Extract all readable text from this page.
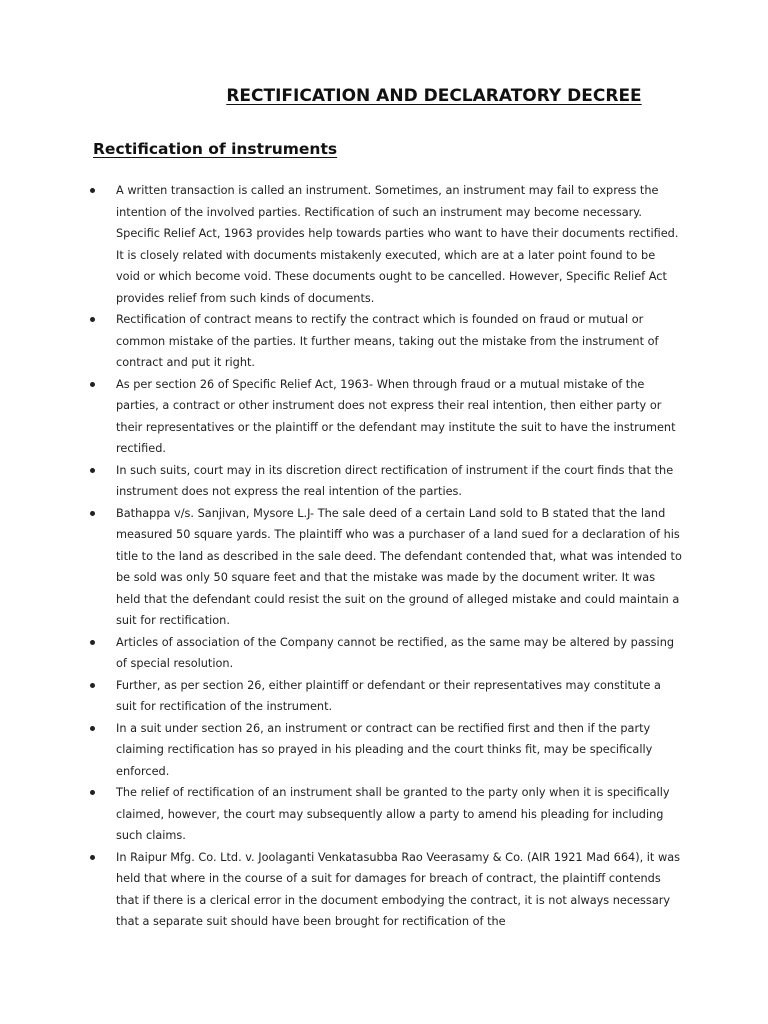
RECTIFICATION AND DECLARATORY DECREE
Rectification of instruments
A written transaction is called an instrument. Sometimes, an instrument may fail to express the intention of the involved parties. Rectification of such an instrument may become necessary. Specific Relief Act, 1963 provides help towards parties who want to have their documents rectified. It is closely related with documents mistakenly executed, which are at a later point found to be void or which become void. These documents ought to be cancelled. However, Specific Relief Act provides relief from such kinds of documents.
Rectification of contract means to rectify the contract which is founded on fraud or mutual or common mistake of the parties. It further means, taking out the mistake from the instrument of contract and put it right.
As per section 26 of Specific Relief Act, 1963- When through fraud or a mutual mistake of the parties, a contract or other instrument does not express their real intention, then either party or their representatives or the plaintiff or the defendant may institute the suit to have the instrument rectified.
In such suits, court may in its discretion direct rectification of instrument if the court finds that the instrument does not express the real intention of the parties.
Bathappa v/s. Sanjivan, Mysore L.J- The sale deed of a certain Land sold to B stated that the land measured 50 square yards. The plaintiff who was a purchaser of a land sued for a declaration of his title to the land as described in the sale deed. The defendant contended that, what was intended to be sold was only 50 square feet and that the mistake was made by the document writer. It was held that the defendant could resist the suit on the ground of alleged mistake and could maintain a suit for rectification.
Articles of association of the Company cannot be rectified, as the same may be altered by passing of special resolution.
Further, as per section 26, either plaintiff or defendant or their representatives may constitute a suit for rectification of the instrument.
In a suit under section 26, an instrument or contract can be rectified first and then if the party claiming rectification has so prayed in his pleading and the court thinks fit, may be specifically enforced.
The relief of rectification of an instrument shall be granted to the party only when it is specifically claimed, however, the court may subsequently allow a party to amend his pleading for including such claims.
In Raipur Mfg. Co. Ltd. v. Joolaganti Venkatasubba Rao Veerasamy & Co. (AIR 1921 Mad 664), it was held that where in the course of a suit for damages for breach of contract, the plaintiff contends that if there is a clerical error in the document embodying the contract, it is not always necessary that a separate suit should have been brought for rectification of the
